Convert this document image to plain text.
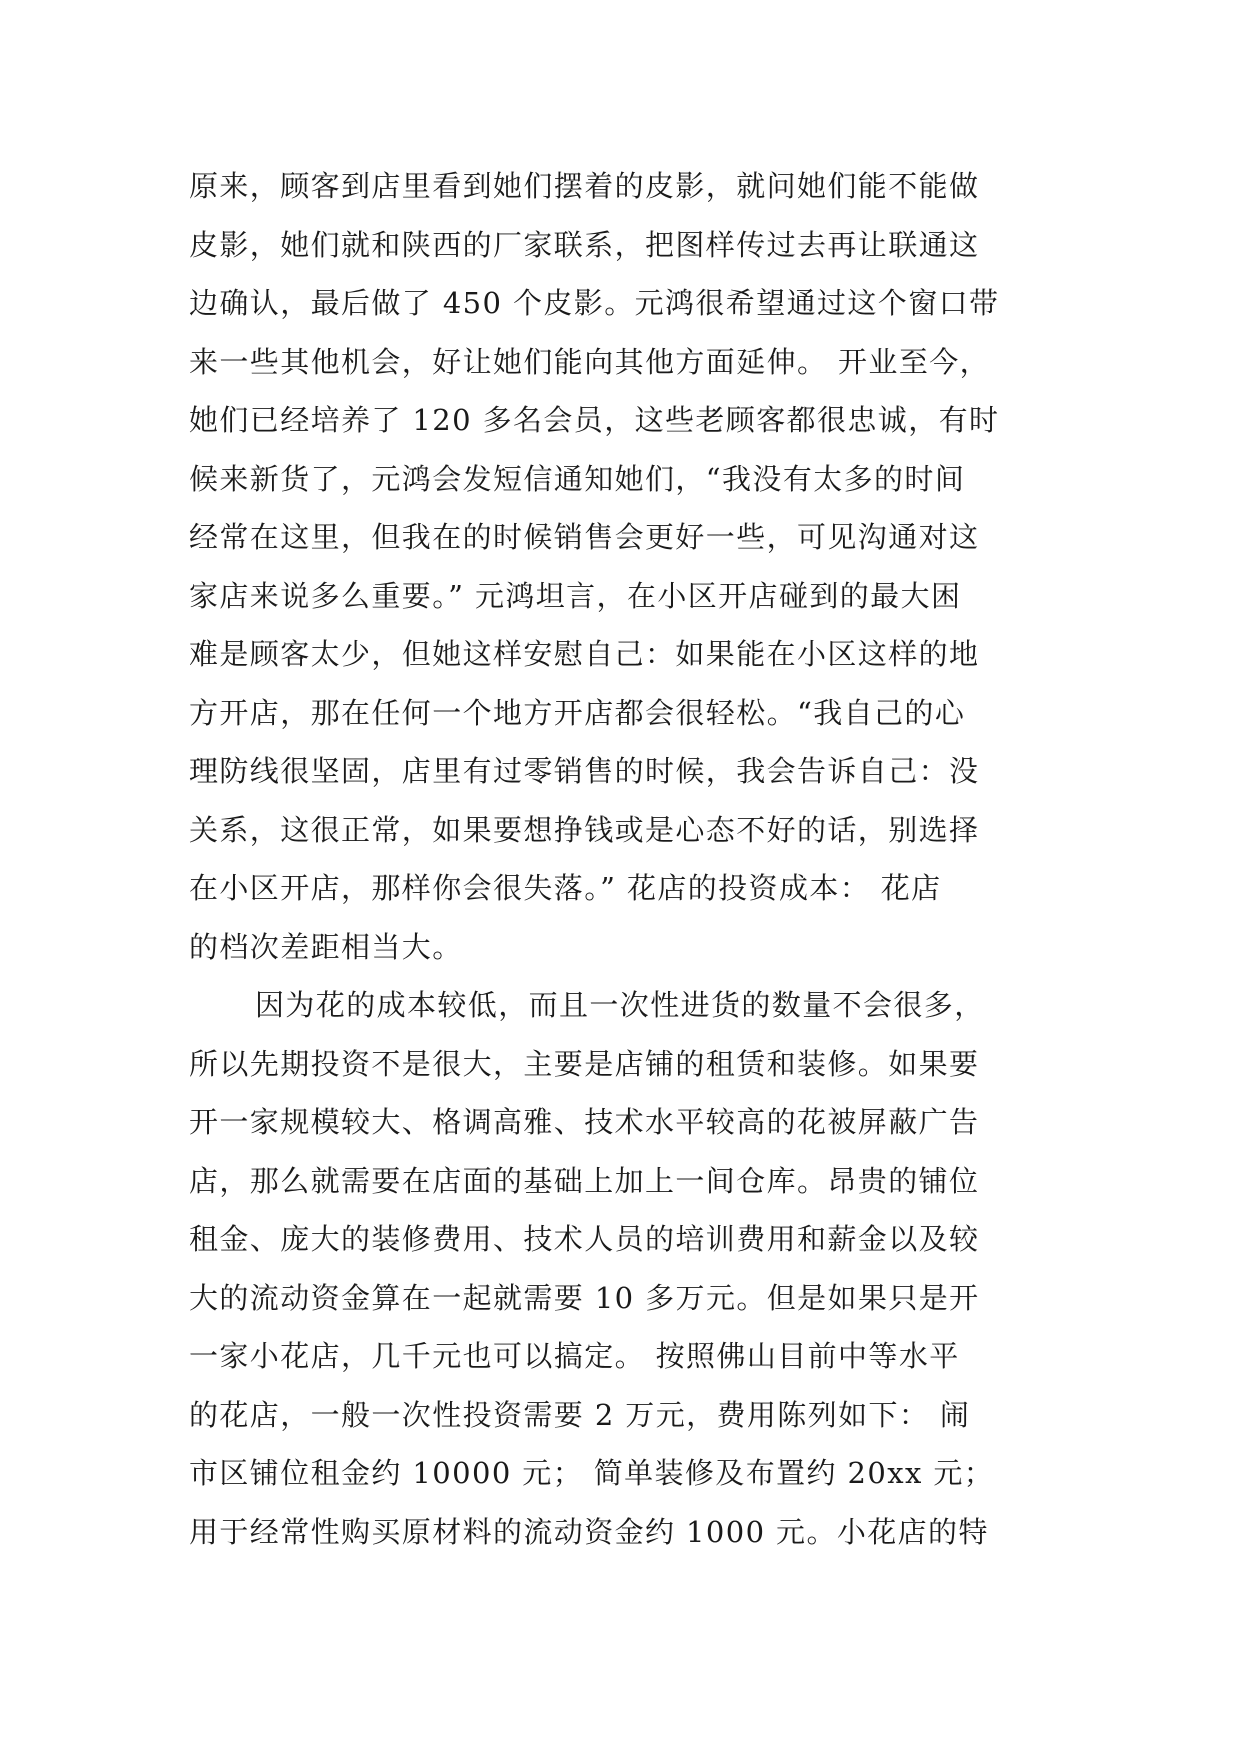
原来，顾客到店里看到她们摆着的皮影，就问她们能不能做
皮影，她们就和陕西的厂家联系，把图样传过去再让联通这
边确认，最后做了 450 个皮影。元鸿很希望通过这个窗口带
来一些其他机会，好让她们能向其他方面延伸。 开业至今，
她们已经培养了 120 多名会员，这些老顾客都很忠诚，有时
候来新货了，元鸿会发短信通知她们，“我没有太多的时间
经常在这里，但我在的时候销售会更好一些，可见沟通对这
家店来说多么重要。” 元鸿坦言，在小区开店碰到的最大困
难是顾客太少，但她这样安慰自己：如果能在小区这样的地
方开店，那在任何一个地方开店都会很轻松。“我自己的心
理防线很坚固，店里有过零销售的时候，我会告诉自己：没
关系，这很正常，如果要想挣钱或是心态不好的话，别选择
在小区开店，那样你会很失落。” 花店的投资成本： 花店
的档次差距相当大。
因为花的成本较低，而且一次性进货的数量不会很多，
所以先期投资不是很大，主要是店铺的租赁和装修。如果要
开一家规模较大、格调高雅、技术水平较高的花被屏蔽广告
店，那么就需要在店面的基础上加上一间仓库。昂贵的铺位
租金、庞大的装修费用、技术人员的培训费用和薪金以及较
大的流动资金算在一起就需要 10 多万元。但是如果只是开
一家小花店，几千元也可以搞定。 按照佛山目前中等水平
的花店，一般一次性投资需要 2 万元，费用陈列如下： 闹
市区铺位租金约 10000 元； 简单装修及布置约 20xx 元；
用于经常性购买原材料的流动资金约 1000 元。小花店的特
